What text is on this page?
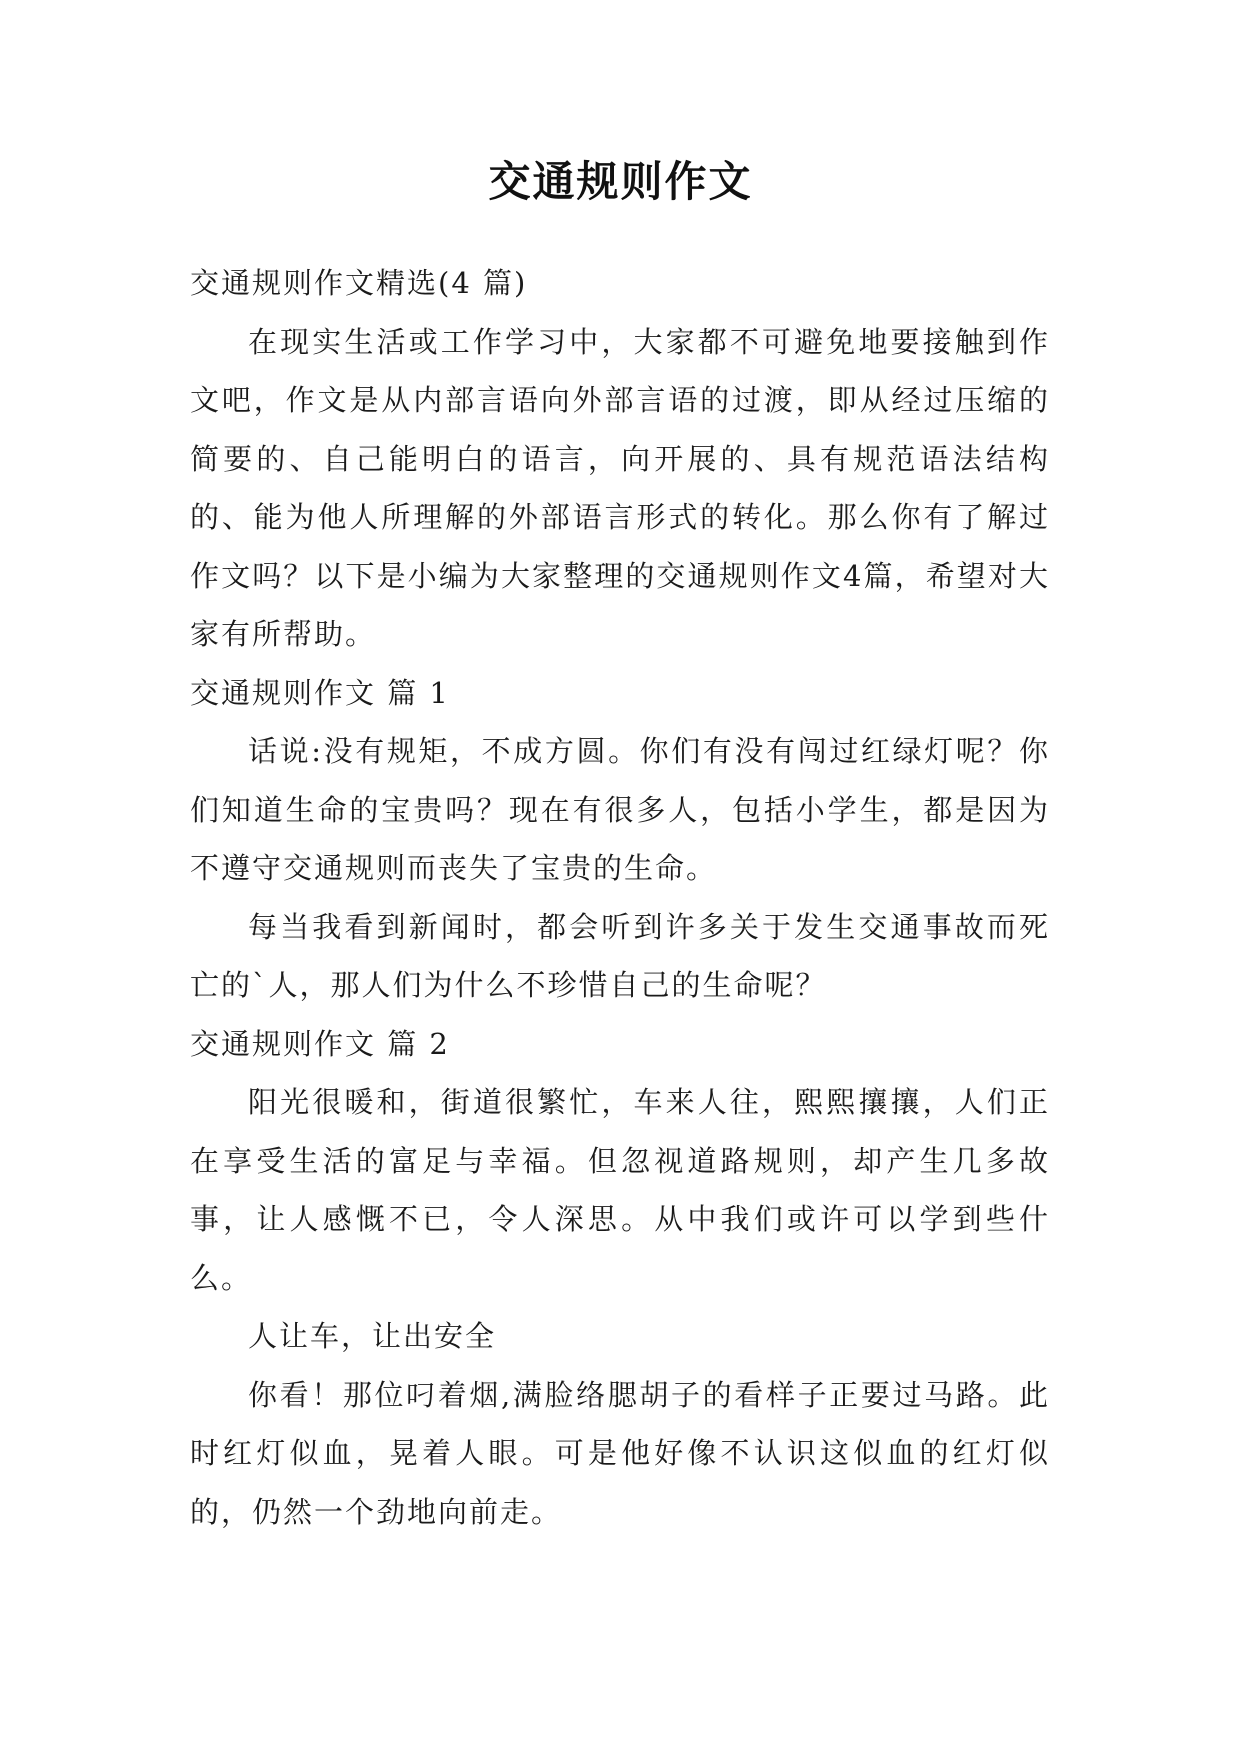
交通规则作文

交通规则作文精选(4 篇)

在现实生活或工作学习中，大家都不可避免地要接触到作文吧，作文是从内部言语向外部言语的过渡，即从经过压缩的简要的、自己能明白的语言，向开展的、具有规范语法结构的、能为他人所理解的外部语言形式的转化。那么你有了解过作文吗？以下是小编为大家整理的交通规则作文4篇，希望对大家有所帮助。

交通规则作文 篇 1

话说:没有规矩，不成方圆。你们有没有闯过红绿灯呢？你们知道生命的宝贵吗？现在有很多人，包括小学生，都是因为不遵守交通规则而丧失了宝贵的生命。

每当我看到新闻时，都会听到许多关于发生交通事故而死亡的`人，那人们为什么不珍惜自己的生命呢？

交通规则作文 篇 2

阳光很暖和，街道很繁忙，车来人往，熙熙攘攘，人们正在享受生活的富足与幸福。但忽视道路规则，却产生几多故事，让人感慨不已，令人深思。从中我们或许可以学到些什么。

人让车，让出安全

你看！那位叼着烟,满脸络腮胡子的看样子正要过马路。此时红灯似血，晃着人眼。可是他好像不认识这似血的红灯似的，仍然一个劲地向前走。
